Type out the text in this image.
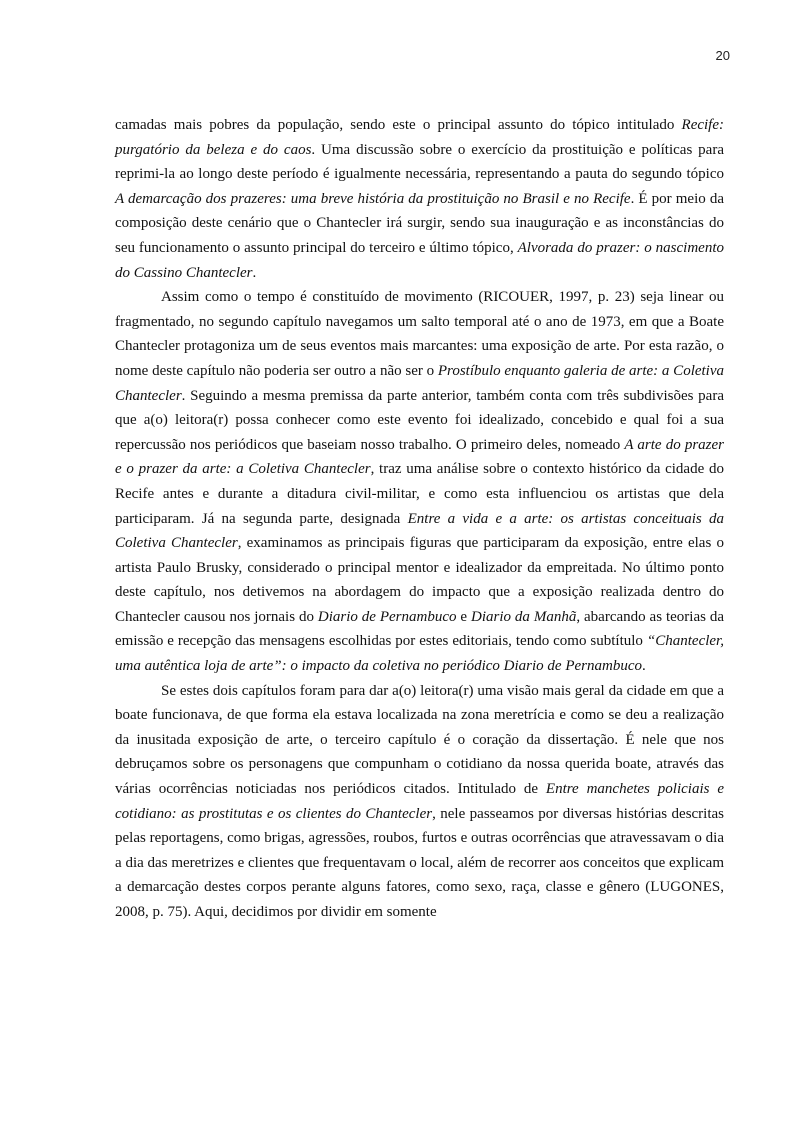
20

camadas mais pobres da população, sendo este o principal assunto do tópico intitulado Recife: purgatório da beleza e do caos. Uma discussão sobre o exercício da prostituição e políticas para reprimi-la ao longo deste período é igualmente necessária, representando a pauta do segundo tópico A demarcação dos prazeres: uma breve história da prostituição no Brasil e no Recife. É por meio da composição deste cenário que o Chantecler irá surgir, sendo sua inauguração e as inconstâncias do seu funcionamento o assunto principal do terceiro e último tópico, Alvorada do prazer: o nascimento do Cassino Chantecler.

Assim como o tempo é constituído de movimento (RICOUER, 1997, p. 23) seja linear ou fragmentado, no segundo capítulo navegamos um salto temporal até o ano de 1973, em que a Boate Chantecler protagoniza um de seus eventos mais marcantes: uma exposição de arte. Por esta razão, o nome deste capítulo não poderia ser outro a não ser o Prostíbulo enquanto galeria de arte: a Coletiva Chantecler. Seguindo a mesma premissa da parte anterior, também conta com três subdivisões para que a(o) leitora(r) possa conhecer como este evento foi idealizado, concebido e qual foi a sua repercussão nos periódicos que baseiam nosso trabalho. O primeiro deles, nomeado A arte do prazer e o prazer da arte: a Coletiva Chantecler, traz uma análise sobre o contexto histórico da cidade do Recife antes e durante a ditadura civil-militar, e como esta influenciou os artistas que dela participaram. Já na segunda parte, designada Entre a vida e a arte: os artistas conceituais da Coletiva Chantecler, examinamos as principais figuras que participaram da exposição, entre elas o artista Paulo Brusky, considerado o principal mentor e idealizador da empreitada. No último ponto deste capítulo, nos detivemos na abordagem do impacto que a exposição realizada dentro do Chantecler causou nos jornais do Diario de Pernambuco e Diario da Manhã, abarcando as teorias da emissão e recepção das mensagens escolhidas por estes editoriais, tendo como subtítulo “Chantecler, uma autêntica loja de arte”: o impacto da coletiva no periódico Diario de Pernambuco.

Se estes dois capítulos foram para dar a(o) leitora(r) uma visão mais geral da cidade em que a boate funcionava, de que forma ela estava localizada na zona meretrícia e como se deu a realização da inusitada exposição de arte, o terceiro capítulo é o coração da dissertação. É nele que nos debruçamos sobre os personagens que compunham o cotidiano da nossa querida boate, através das várias ocorrências noticiadas nos periódicos citados. Intitulado de Entre manchetes policiais e cotidiano: as prostitutas e os clientes do Chantecler, nele passeamos por diversas histórias descritas pelas reportagens, como brigas, agressões, roubos, furtos e outras ocorrências que atravessavam o dia a dia das meretrizes e clientes que frequentavam o local, além de recorrer aos conceitos que explicam a demarcação destes corpos perante alguns fatores, como sexo, raça, classe e gênero (LUGONES, 2008, p. 75). Aqui, decidimos por dividir em somente
